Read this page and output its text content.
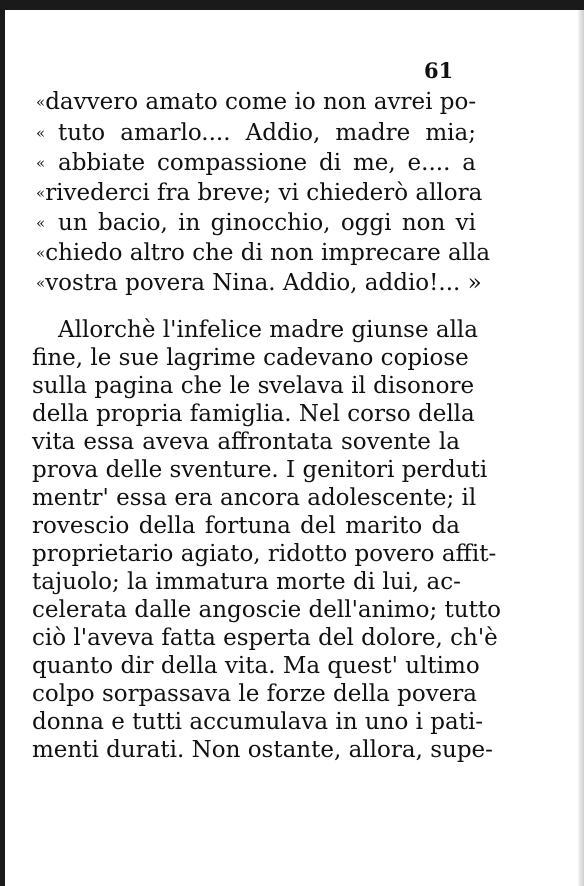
61
« davvero amato come io non avrei po-
« tuto amarlo.... Addio, madre mia;
« abbiate compassione di me, e.... a
« rivederci fra breve; vi chiederò allora
« un bacio, in ginocchio, oggi non vi
« chiedo altro che di non imprecare alla
« vostra povera Nina. Addio, addio!... »
Allorchè l'infelice madre giunse alla
fine, le sue lagrime cadevano copiose
sulla pagina che le svelava il disonore
della propria famiglia. Nel corso della
vita essa aveva affrontata sovente la
prova delle sventure. I genitori perduti
mentr' essa era ancora adolescente; il
rovescio della fortuna del marito da
proprietario agiato, ridotto povero affit-
tajuolo; la immatura morte di lui, ac-
celerata dalle angoscie dell'animo; tutto
ciò l'aveva fatta esperta del dolore, ch'è
quanto dir della vita. Ma quest' ultimo
colpo sorpassava le forze della povera
donna e tutti accumulava in uno i pati-
menti durati. Non ostante, allora, supe-
